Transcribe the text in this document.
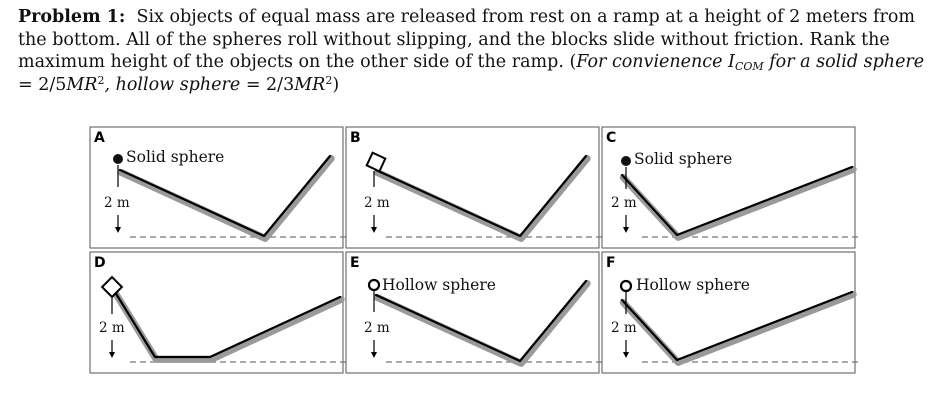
Problem 1: Six objects of equal mass are released from rest on a ramp at a height of 2 meters from the bottom. All of the spheres roll without slipping, and the blocks slide without friction. Rank the maximum height of the objects on the other side of the ramp. (For convienence $I_{COM}$ for a solid sphere
= $2/5MR^2$, hollow sphere = $2/3MR^2$)
A
Solid sphere
2 m
B
2 m
C
Solid sphere
2 m
D
2 m
E
Hollow sphere
2 m
F
Hollow sphere
2 m
